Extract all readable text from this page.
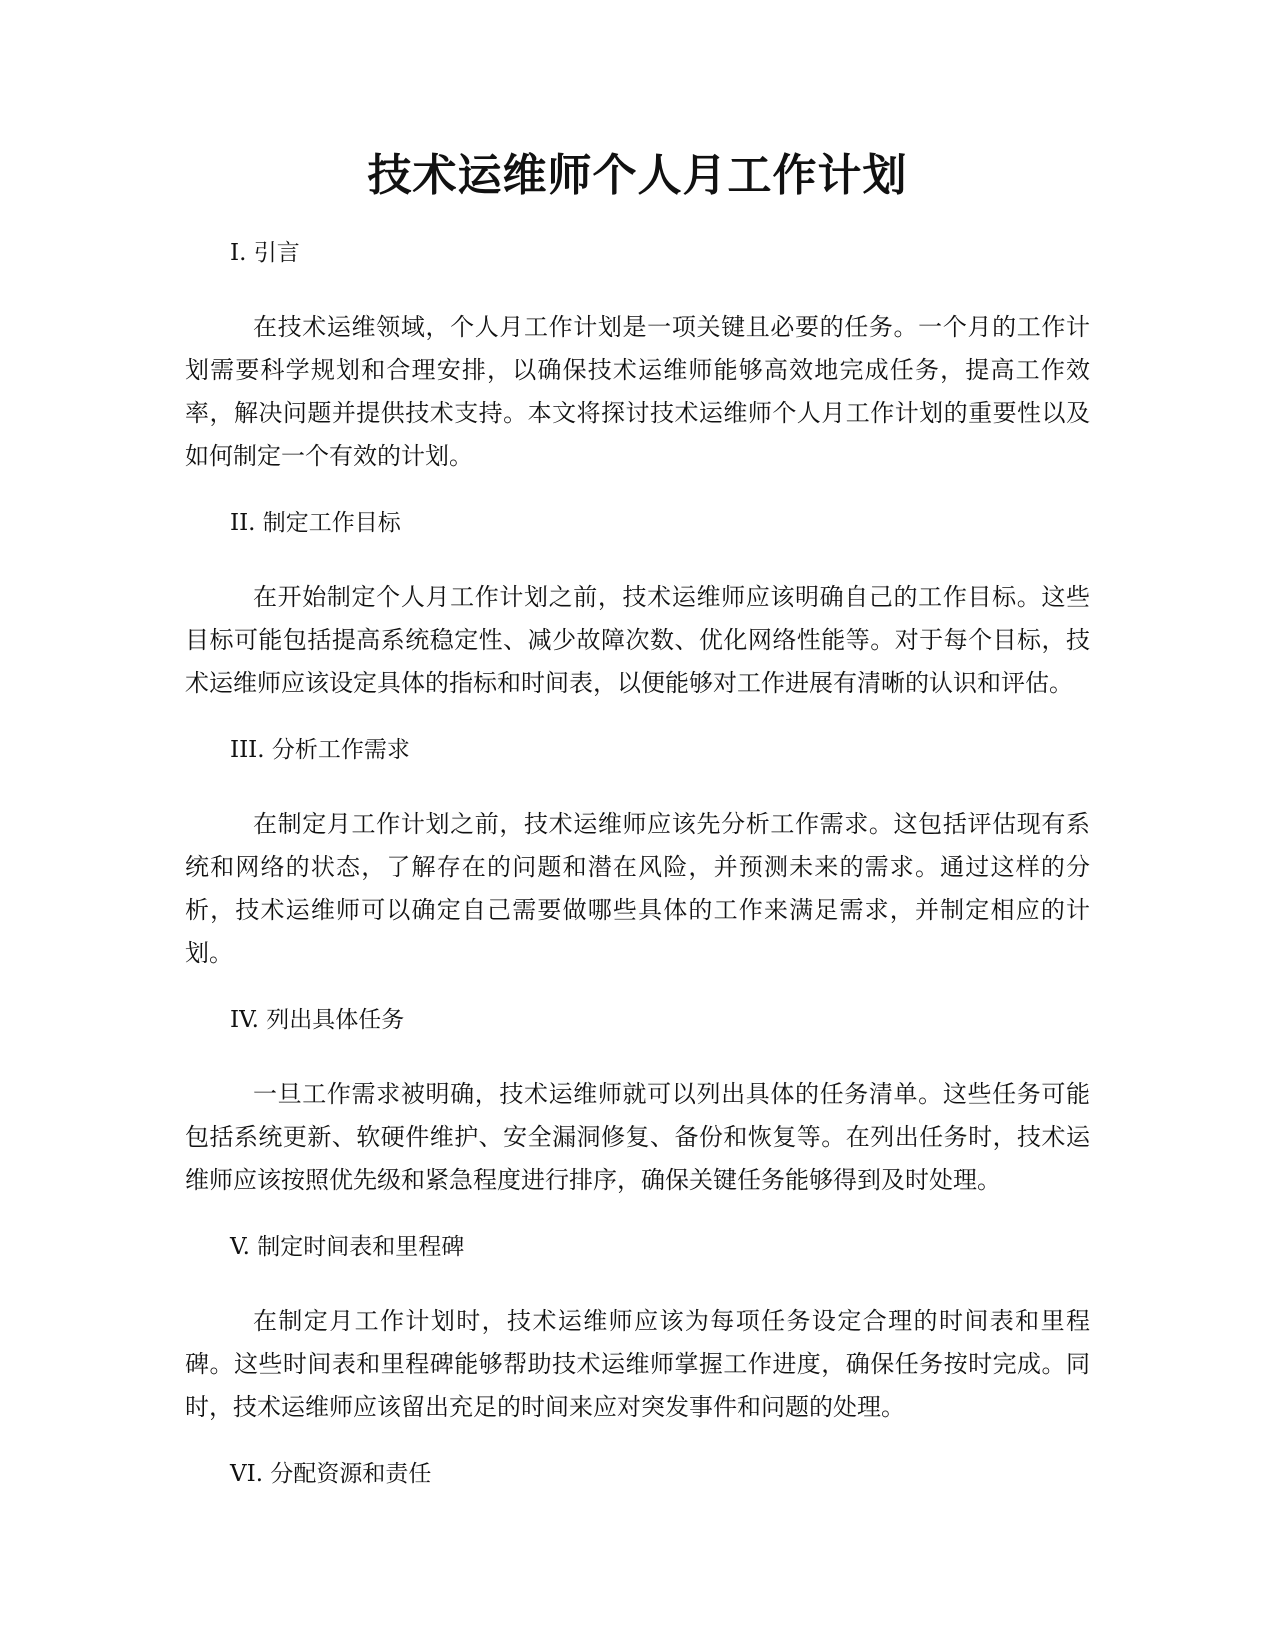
技术运维师个人月工作计划
I. 引言

在技术运维领域，个人月工作计划是一项关键且必要的任务。一个月的工作计划需要科学规划和合理安排，以确保技术运维师能够高效地完成任务，提高工作效率，解决问题并提供技术支持。本文将探讨技术运维师个人月工作计划的重要性以及如何制定一个有效的计划。

II. 制定工作目标

在开始制定个人月工作计划之前，技术运维师应该明确自己的工作目标。这些目标可能包括提高系统稳定性、减少故障次数、优化网络性能等。对于每个目标，技术运维师应该设定具体的指标和时间表，以便能够对工作进展有清晰的认识和评估。

III. 分析工作需求

在制定月工作计划之前，技术运维师应该先分析工作需求。这包括评估现有系统和网络的状态，了解存在的问题和潜在风险，并预测未来的需求。通过这样的分析，技术运维师可以确定自己需要做哪些具体的工作来满足需求，并制定相应的计划。

IV. 列出具体任务

一旦工作需求被明确，技术运维师就可以列出具体的任务清单。这些任务可能包括系统更新、软硬件维护、安全漏洞修复、备份和恢复等。在列出任务时，技术运维师应该按照优先级和紧急程度进行排序，确保关键任务能够得到及时处理。

V. 制定时间表和里程碑

在制定月工作计划时，技术运维师应该为每项任务设定合理的时间表和里程碑。这些时间表和里程碑能够帮助技术运维师掌握工作进度，确保任务按时完成。同时，技术运维师应该留出充足的时间来应对突发事件和问题的处理。

VI. 分配资源和责任
